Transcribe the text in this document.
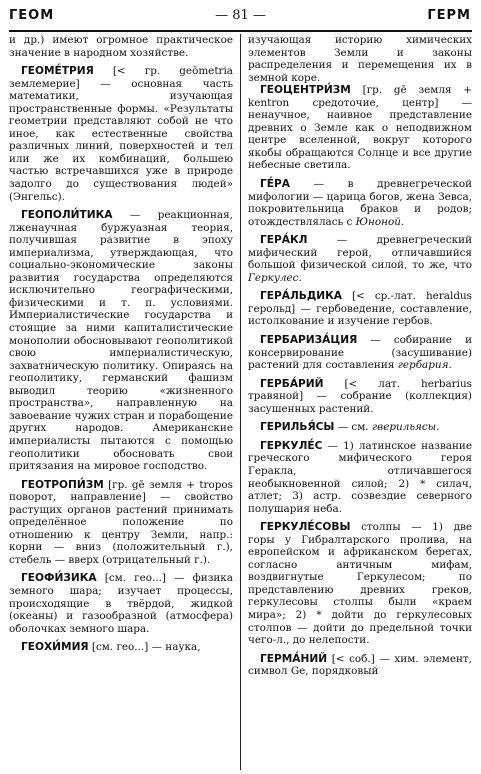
ГЕОМ	— 81 —	ГЕРМ

и др.) имеют огромное практическое значение в народном хозяйстве.

ГЕОМЕ́ТРИЯ [< гр. geōmetria землемерие] — основная часть математики, изучающая пространственные формы. «Результаты геометрии представляют собой не что иное, как естественные свойства различных линий, поверхностей и тел или же их комбинаций, большею частью встречавшихся уже в природе задолго до существования людей» (Энгельс).

ГЕОПОЛИ́ТИКА — реакционная, лженаучная буржуазная теория, получившая развитие в эпоху империализма, утверждающая, что социально-экономические законы развития государства определяются исключительно географическими, физическими и т. п. условиями. Империалистические государства и стоящие за ними капиталистические монополии обосновывают геополитикой свою империалистическую, захватническую политику. Опираясь на геополитику, германский фашизм выводил теорию «жизненного пространства», направленную на завоевание чужих стран и порабощение других народов. Американские империалисты пытаются с помощью геополитики обосновать свои притязания на мировое господство.

ГЕОТРОПИ́ЗМ [гр. gē земля + tropos поворот, направление] — свойство растущих органов растений принимать определённое положение по отношению к центру Земли, напр.: корни — вниз (положительный г.), стебель — вверх (отрицательный г.).

ГЕОФИ́ЗИКА [см. гео...] — физика земного шара; изучает процессы, происходящие в твёрдой, жидкой (океаны) и газообразной (атмосфера) оболочках земного шара.

ГЕОХИ́МИЯ [см. гео...] — наука,

изучающая историю химических элементов Земли и законы распределения и перемещения их в земной коре.

ГЕОЦЕНТРИ́ЗМ [гр. gē земля + kentron средоточие, центр] — ненаучное, наивное представление древних о Земле как о неподвижном центре вселенной, вокруг которого якобы обращаются Солнце и все другие небесные светила.

ГЕ́РА — в древнегреческой мифологии — царица богов, жена Зевса, покровительница браков и родов; отождествлялась с Юноной.

ГЕРА́КЛ — древнегреческий мифический герой, отличавшийся большой физической силой, то же, что Геркулес.

ГЕРА́ЛЬДИКА [< ср.-лат. heraldus герольд] — гербоведение, составление, истолкование и изучение гербов.

ГЕРБАРИЗА́ЦИЯ — собирание и консервирование (засушивание) растений для составления гербария.

ГЕРБА́РИЙ [< лат. herbarius травяной] — собрание (коллекция) засушенных растений.

ГЕРИЛЬЯ́СЫ — см. гверильясы.

ГЕРКУЛЕ́С — 1) латинское название греческого мифического героя Геракла, отличавшегося необыкновенной силой; 2) * силач, атлет; 3) астр. созвездие северного полушария неба.

ГЕРКУЛЕ́СОВЫ столпы — 1) две горы у Гибралтарского пролива, на европейском и африканском берегах, согласно античным мифам, воздвигнутые Геркулесом; по представлению древних греков, геркулесовы столпы были «краем мира»; 2) * дойти до геркулесовых столпов — дойти до предельной точки чего-л., до нелепости.

ГЕРМА́НИЙ [< соб.] — хим. элемент, символ Ge, порядковый
